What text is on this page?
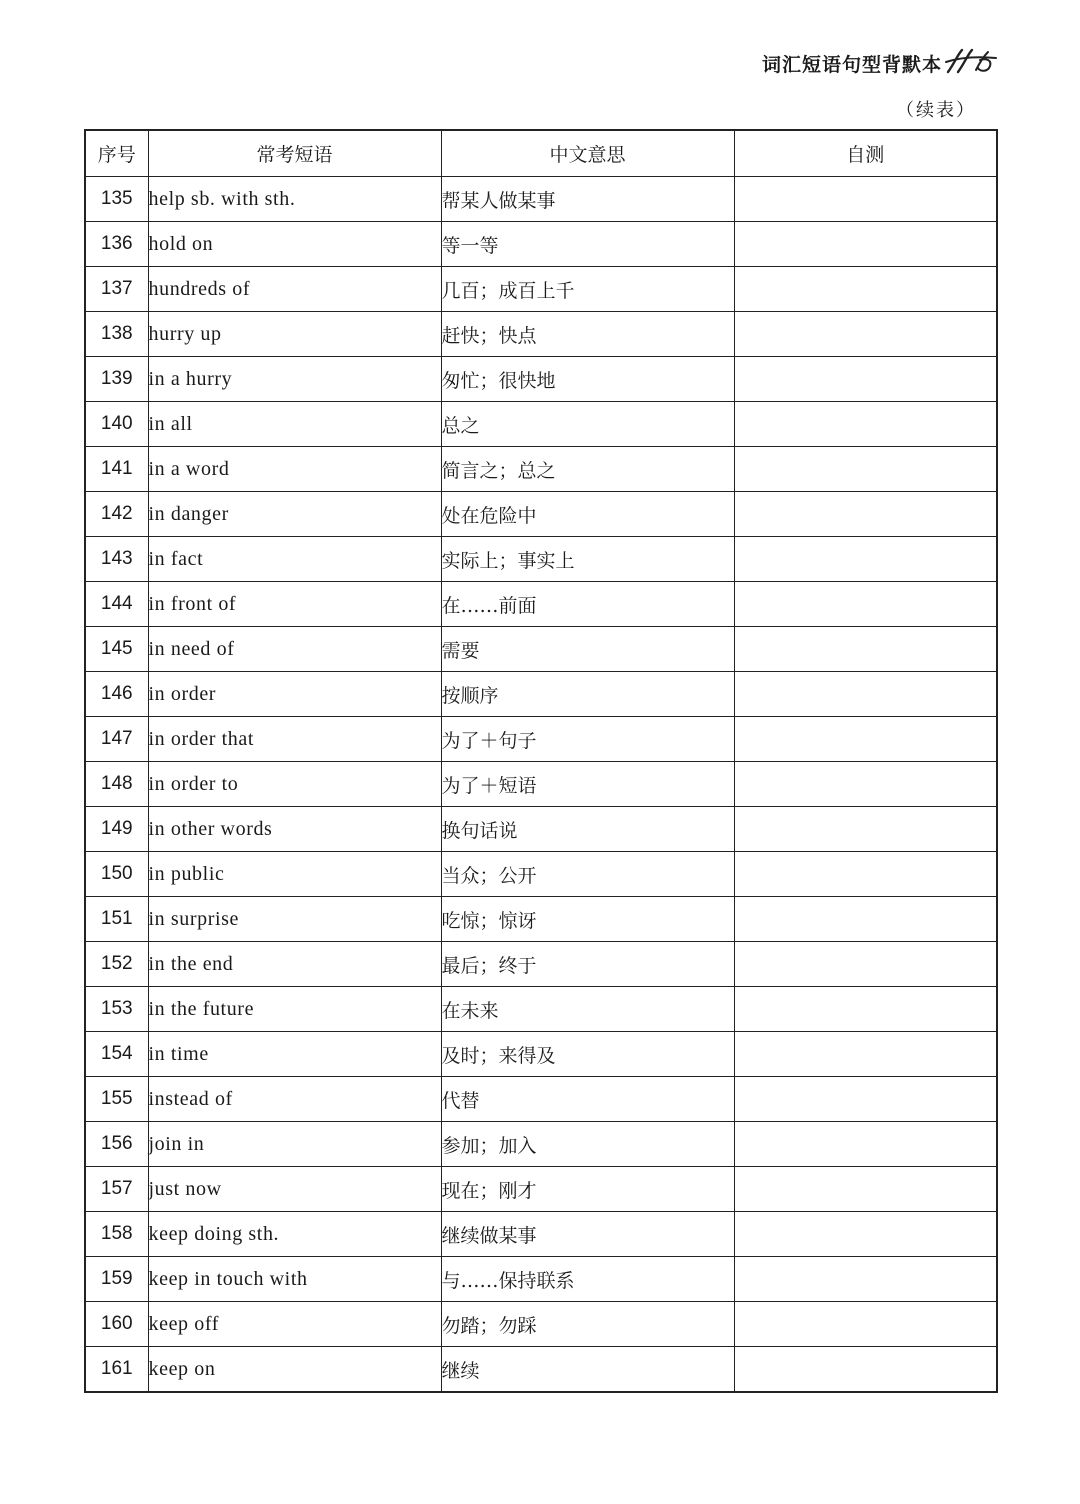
词汇短语句型背默本
（续表）
序号	常考短语	中文意思	自测
135	help sb. with sth.	帮某人做某事	
136	hold on	等一等	
137	hundreds of	几百；成百上千	
138	hurry up	赶快；快点	
139	in a hurry	匆忙；很快地	
140	in all	总之	
141	in a word	简言之；总之	
142	in danger	处在危险中	
143	in fact	实际上；事实上	
144	in front of	在……前面	
145	in need of	需要	
146	in order	按顺序	
147	in order that	为了＋句子	
148	in order to	为了＋短语	
149	in other words	换句话说	
150	in public	当众；公开	
151	in surprise	吃惊；惊讶	
152	in the end	最后；终于	
153	in the future	在未来	
154	in time	及时；来得及	
155	instead of	代替	
156	join in	参加；加入	
157	just now	现在；刚才	
158	keep doing sth.	继续做某事	
159	keep in touch with	与……保持联系	
160	keep off	勿踏；勿踩	
161	keep on	继续	
